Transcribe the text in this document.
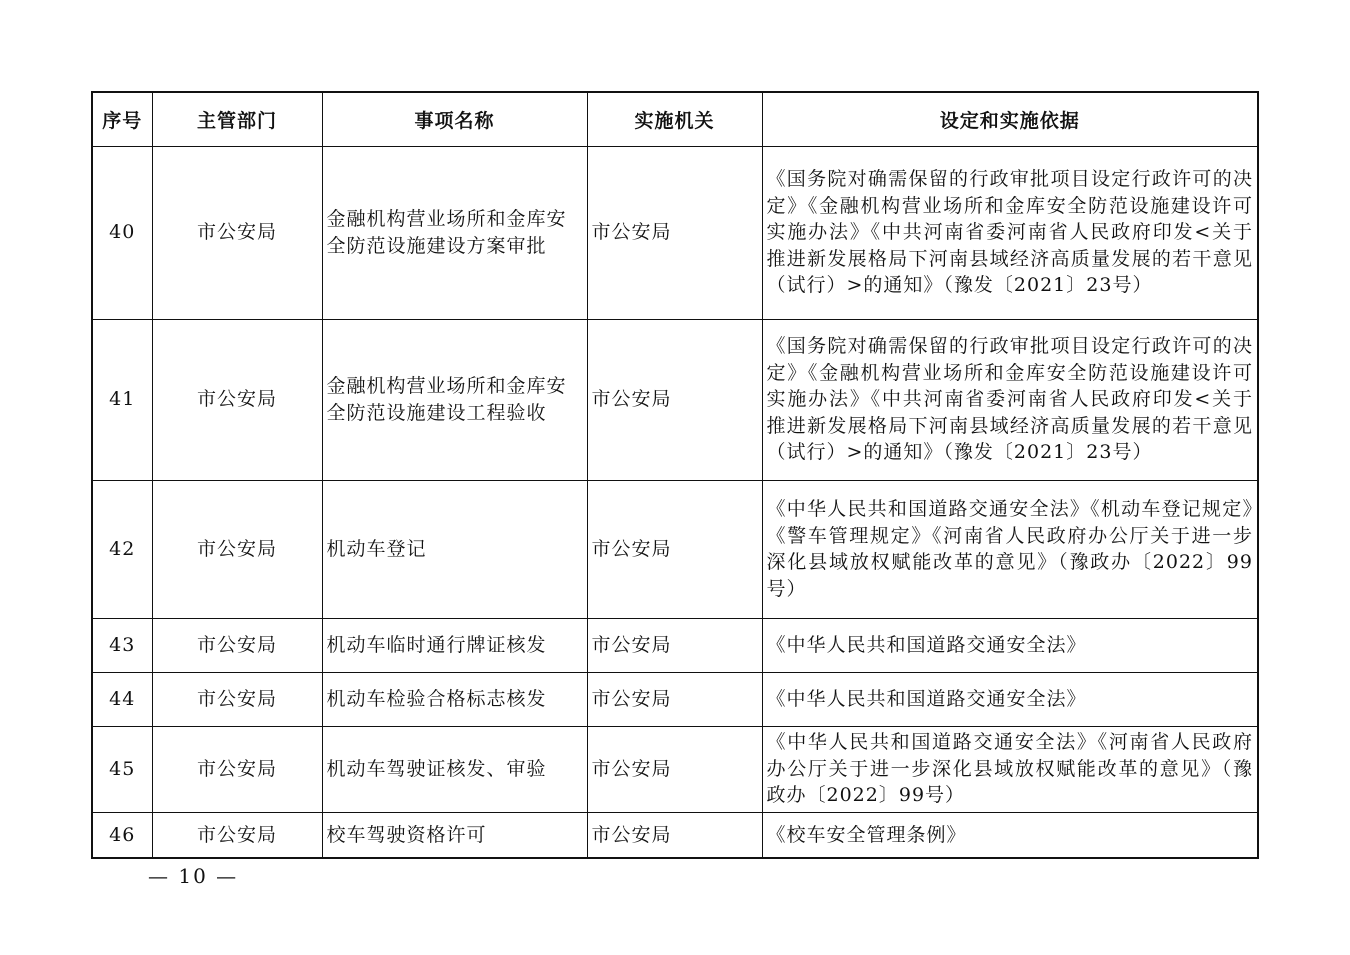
序号	主管部门	事项名称	实施机关	设定和实施依据
40	市公安局	金融机构营业场所和金库安全防范设施建设方案审批	市公安局	《国务院对确需保留的行政审批项目设定行政许可的决定》《金融机构营业场所和金库安全防范设施建设许可实施办法》《中共河南省委河南省人民政府印发<关于推进新发展格局下河南县域经济高质量发展的若干意见（试行）>的通知》（豫发〔2021〕23号）
41	市公安局	金融机构营业场所和金库安全防范设施建设工程验收	市公安局	《国务院对确需保留的行政审批项目设定行政许可的决定》《金融机构营业场所和金库安全防范设施建设许可实施办法》《中共河南省委河南省人民政府印发<关于推进新发展格局下河南县域经济高质量发展的若干意见（试行）>的通知》（豫发〔2021〕23号）
42	市公安局	机动车登记	市公安局	《中华人民共和国道路交通安全法》《机动车登记规定》《警车管理规定》《河南省人民政府办公厅关于进一步深化县域放权赋能改革的意见》（豫政办〔2022〕99号）
43	市公安局	机动车临时通行牌证核发	市公安局	《中华人民共和国道路交通安全法》
44	市公安局	机动车检验合格标志核发	市公安局	《中华人民共和国道路交通安全法》
45	市公安局	机动车驾驶证核发、审验	市公安局	《中华人民共和国道路交通安全法》《河南省人民政府办公厅关于进一步深化县域放权赋能改革的意见》（豫政办〔2022〕99号）
46	市公安局	校车驾驶资格许可	市公安局	《校车安全管理条例》
— 10 —
